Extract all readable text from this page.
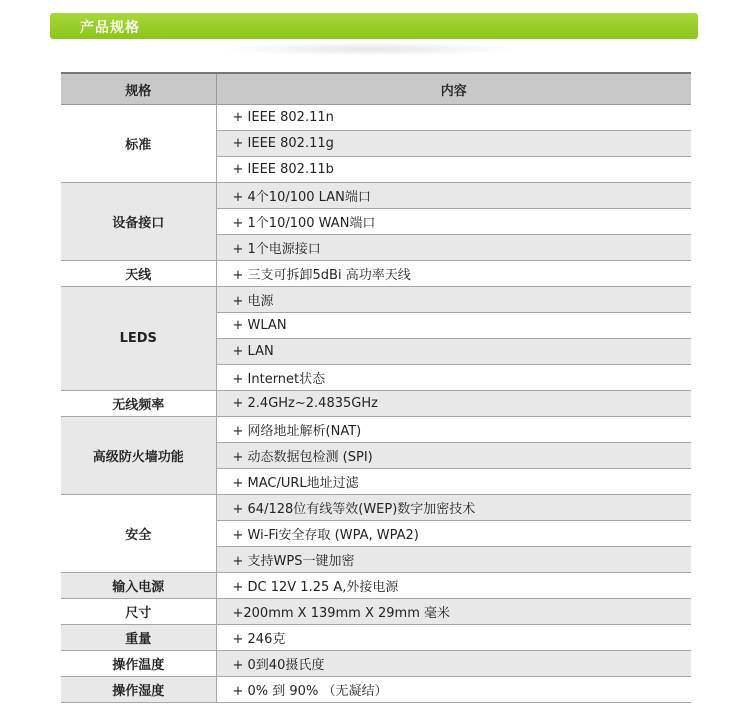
产品规格
规格	内容
标准	+ IEEE 802.11n
	+ IEEE 802.11g
	+ IEEE 802.11b
设备接口	+ 4个10/100 LAN端口
	+ 1个10/100 WAN端口
	+ 1个电源接口
天线	+ 三支可拆卸5dBi 高功率天线
LEDS	+ 电源
	+ WLAN
	+ LAN
	+ Internet状态
无线频率	+ 2.4GHz~2.4835GHz
高级防火墙功能	+ 网络地址解析(NAT)
	+ 动态数据包检测 (SPI)
	+ MAC/URL地址过滤
安全	+ 64/128位有线等效(WEP)数字加密技术
	+ Wi-Fi安全存取 (WPA, WPA2)
	+ 支持WPS一键加密
输入电源	+ DC 12V 1.25 A,外接电源
尺寸	+200mm X 139mm X 29mm 毫米
重量	+ 246克
操作温度	+ 0到40摄氏度
操作湿度	+ 0% 到 90% （无凝结）
